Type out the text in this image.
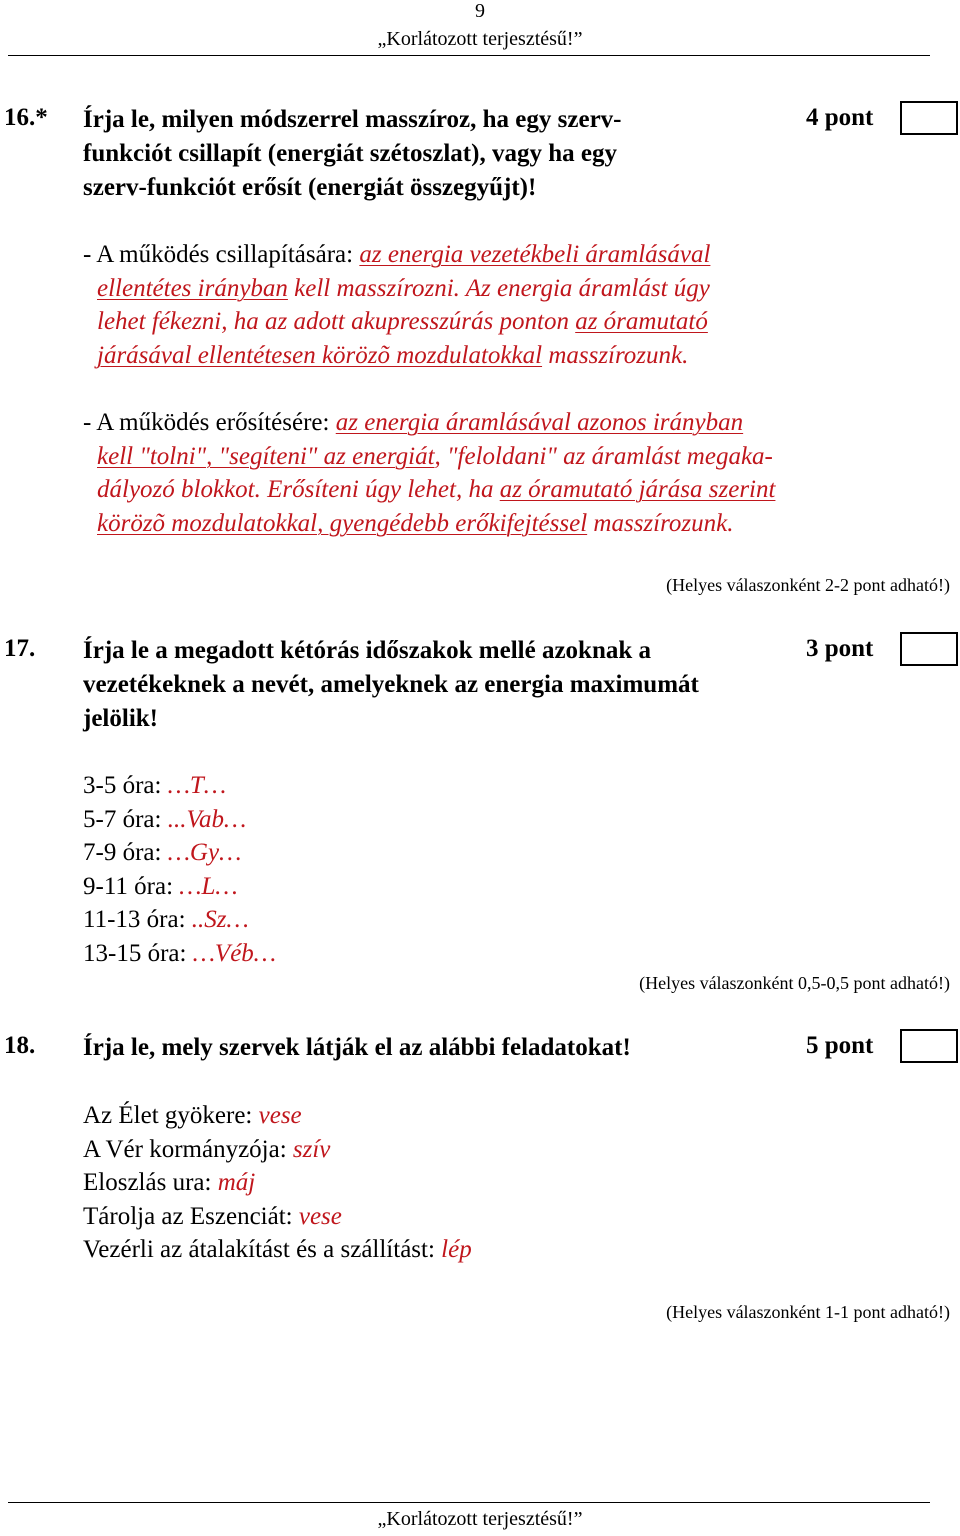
9
„Korlátozott terjesztésű!”
16.* Írja le, milyen módszerrel masszíroz, ha egy szerv-
funkciót csillapít (energiát szétoszlat), vagy ha egy
szerv-funkciót erősít (energiát összegyűjt)!
4 pont
- A működés csillapítására: az energia vezetékbeli áramlásával
ellentétes irányban kell masszírozni. Az energia áramlást úgy
lehet fékezni, ha az adott akupresszúrás ponton az óramutató
járásával ellentétesen körözõ mozdulatokkal masszírozunk.
- A működés erősítésére: az energia áramlásával azonos irányban
kell "tolni", "segíteni" az energiát, "feloldani" az áramlást megaka-
dályozó blokkot. Erősíteni úgy lehet, ha az óramutató járása szerint
körözõ mozdulatokkal, gyengédebb erőkifejtéssel masszírozunk.
(Helyes válaszonként 2-2 pont adható!)
17. Írja le a megadott kétórás időszakok mellé azoknak a
vezetékeknek a nevét, amelyeknek az energia maximumát
jelölik!
3 pont
3-5 óra: …T…
5-7 óra: ...Vab…
7-9 óra: …Gy…
9-11 óra: …L…
11-13 óra: ..Sz…
13-15 óra: …Véb…
(Helyes válaszonként 0,5-0,5 pont adható!)
18. Írja le, mely szervek látják el az alábbi feladatokat!	5 pont
Az Élet gyökere: vese
A Vér kormányzója: szív
Eloszlás ura: máj
Tárolja az Eszenciát: vese
Vezérli az átalakítást és a szállítást: lép
(Helyes válaszonként 1-1 pont adható!)
„Korlátozott terjesztésű!”
